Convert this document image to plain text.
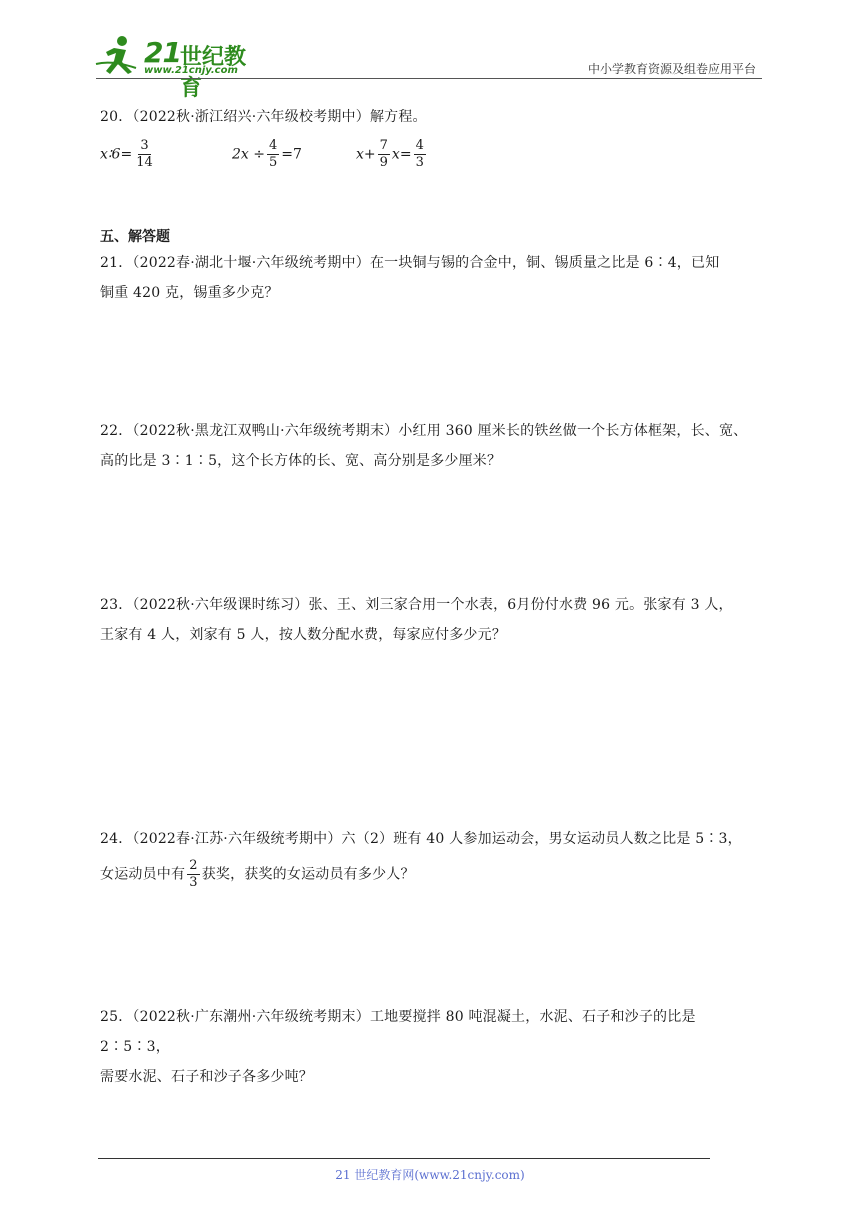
21 世纪教育
www.21cnjy.com	中小学教育资源及组卷应用平台
20．（2022秋·浙江绍兴·六年级校考期中）解方程。
x∶6= $\frac{3}{14}$	$2x \div \frac{4}{5} =7$	$x+ \frac{7}{9} x= \frac{4}{3}$
五、解答题
21．（2022春·湖北十堰·六年级统考期中）在一块铜与锡的合金中，铜、锡质量之比是 6∶4，已知
铜重 420 克，锡重多少克？
22．（2022秋·黑龙江双鸭山·六年级统考期末）小红用 360 厘米长的铁丝做一个长方体框架，长、宽、
高的比是 3∶1∶5，这个长方体的长、宽、高分别是多少厘米？
23．（2022秋·六年级课时练习）张、王、刘三家合用一个水表，6月份付水费 96 元。张家有 3 人，
王家有 4 人，刘家有 5 人，按人数分配水费，每家应付多少元？
24．（2022春·江苏·六年级统考期中）六（2）班有 40 人参加运动会，男女运动员人数之比是 5∶3，
女运动员中有 $\frac{2}{3}$ 获奖，获奖的女运动员有多少人？
25．（2022秋·广东潮州·六年级统考期末）工地要搅拌 80 吨混凝土，水泥、石子和沙子的比是 2∶5∶3，
需要水泥、石子和沙子各多少吨？
21 世纪教育网(www.21cnjy.com)
